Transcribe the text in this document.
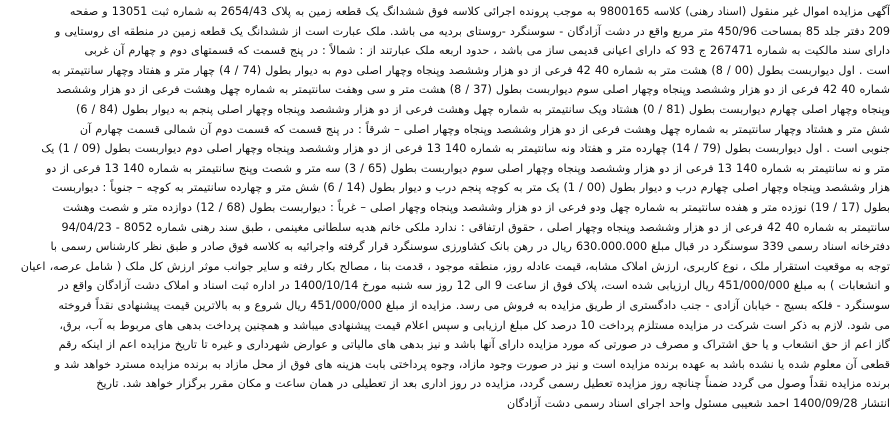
آگهی مزایده اموال غیر منقول (اسناد رهنی) کلاسه 9800165 به موجب پرونده اجرائی کلاسه فوق ششدانگ یک قطعه زمین به پلاک 2654/43 به شماره ثبت 13051 و صفحه
209 دفتر جلد 85 بمساحت 450/96 متر مربع واقع در دشت آزادگان - سوسنگرد -روستای بردیه می باشد. ملک عبارت است از ششدانگ یک قطعه زمین در منطقه ای روستایی و
دارای سند مالکیت به شماره 267471 ج 93 که دارای اعیانی قدیمی ساز می باشد ، حدود اربعه ملک عبارتند از : شمالاً : در پنج قسمت که قسمتهای دوم و چهارم آن غربی
است . اول دیواربست بطول (00 / 8) هشت متر به شماره 40 42 فرعی از دو هزار وششصد وپنجاه وچهار اصلی دوم به دیوار بطول (74 / 4) چهار متر و هفتاد وچهار سانتیمتر به
شماره 40 42 فرعی از دو هزار وششصد وپنجاه وچهار اصلی سوم دیواربست بطول (37 / 8) هشت متر و سی وهفت سانتیمتر به شماره چهل وهشت فرعی از دو هزار وششصد
وپنجاه وچهار اصلی چهارم دیواربست بطول (81 / 0) هشتاد ویک سانتیمتر به شماره چهل وهشت فرعی از دو هزار وششصد وپنجاه وچهار اصلی پنجم به دیوار بطول (84 / 6)
شش متر و هشتاد وچهار سانتیمتر به شماره چهل وهشت فرعی از دو هزار وششصد وپنجاه وچهار اصلی – شرقاً : در پنج قسمت که قسمت دوم آن شمالی قسمت چهارم آن
جنوبی است . اول دیواربست بطول (79 / 14) چهارده متر و هفتاد ونه سانتیمتر به شماره 140 13 فرعی از دو هزار وششصد وپنجاه وچهار اصلی دوم دیواربست بطول (09 / 1) یک
متر و نه سانتیمتر به شماره 140 13 فرعی از دو هزار وششصد وپنجاه وچهار اصلی سوم دیواربست بطول (65 / 3) سه متر و شصت وپنج سانتیمتر به شماره 140 13 فرعی از دو
هزار وششصد وپنجاه وچهار اصلی چهارم درب و دیوار بطول (00 / 1) یک متر به کوچه پنجم درب و دیوار بطول (14 / 6) شش متر و چهارده سانتیمتر به کوچه – جنوباً : دیواربست
بطول (17 / 19) نوزده متر و هفده سانتیمتر به شماره چهل ودو فرعی از دو هزار وششصد وپنجاه وچهار اصلی – غرباً : دیواربست بطول (68 / 12) دوازده متر و شصت وهشت
سانتیمتر به شماره 40 42 فرعی از دو هزار وششصد وپنجاه وچهار اصلی ، حقوق ارتفاقی : ندارد ملکی خانم هدیه سلطانی مغینمی ، طبق سند رهنی شماره 8052 - 94/04/23
دفترخانه اسناد رسمی 339 سوسنگرد در قبال مبلغ 630.000.000 ریال در رهن بانک کشاورزی سوسنگرد قرار گرفته واجرائیه به کلاسه فوق صادر و طبق نظر کارشناس رسمی با
توجه به موقعیت استقرار ملک ، نوع کاربری، ارزش املاک مشابه، قیمت عادله روز، منطقه موجود ، قدمت بنا ، مصالح بکار رفته و سایر جوانب موثر ارزش کل ملک ( شامل عرصه، اعیان
و انشعابات ) به مبلغ 451/000/000 ریال ارزیابی شده است، پلاک فوق از ساعت 9 الی 12 روز سه شنبه مورخ 1400/10/14 در اداره ثبت اسناد و املاک دشت آزادگان واقع در
سوسنگرد - فلکه بسیج - خیابان آزادی - جنب دادگستری از طریق مزایده به فروش می رسد. مزایده از مبلغ 451/000/000 ریال شروع و به بالاترین قیمت پیشنهادی نقداً فروخته
می شود. لازم به ذکر است شرکت در مزایده مستلزم پرداخت 10 درصد کل مبلغ ارزیابی و سپس اعلام قیمت پیشنهادی میباشد و همچنین پرداخت بدهی های مربوط به آب، برق،
گاز اعم از حق انشعاب و یا حق اشتراک و مصرف در صورتی که مورد مزایده دارای آنها باشد و نیز بدهی های مالیاتی و عوارض شهرداری و غیره تا تاریخ مزایده اعم از اینکه رقم
قطعی آن معلوم شده یا نشده باشد به عهده برنده مزایده است و نیز در صورت وجود مازاد، وجوه پرداختی بابت هزینه های فوق از محل مازاد به برنده مزایده مسترد خواهد شد و
برنده مزایده نقداً وصول می گردد ضمناً چنانچه روز مزایده تعطیل رسمی گردد، مزایده در روز اداری بعد از تعطیلی در همان ساعت و مکان مقرر برگزار خواهد شد. تاریخ
انتشار 1400/09/28 احمد شعیبی مسئول واحد اجرای اسناد رسمی دشت آزادگان
